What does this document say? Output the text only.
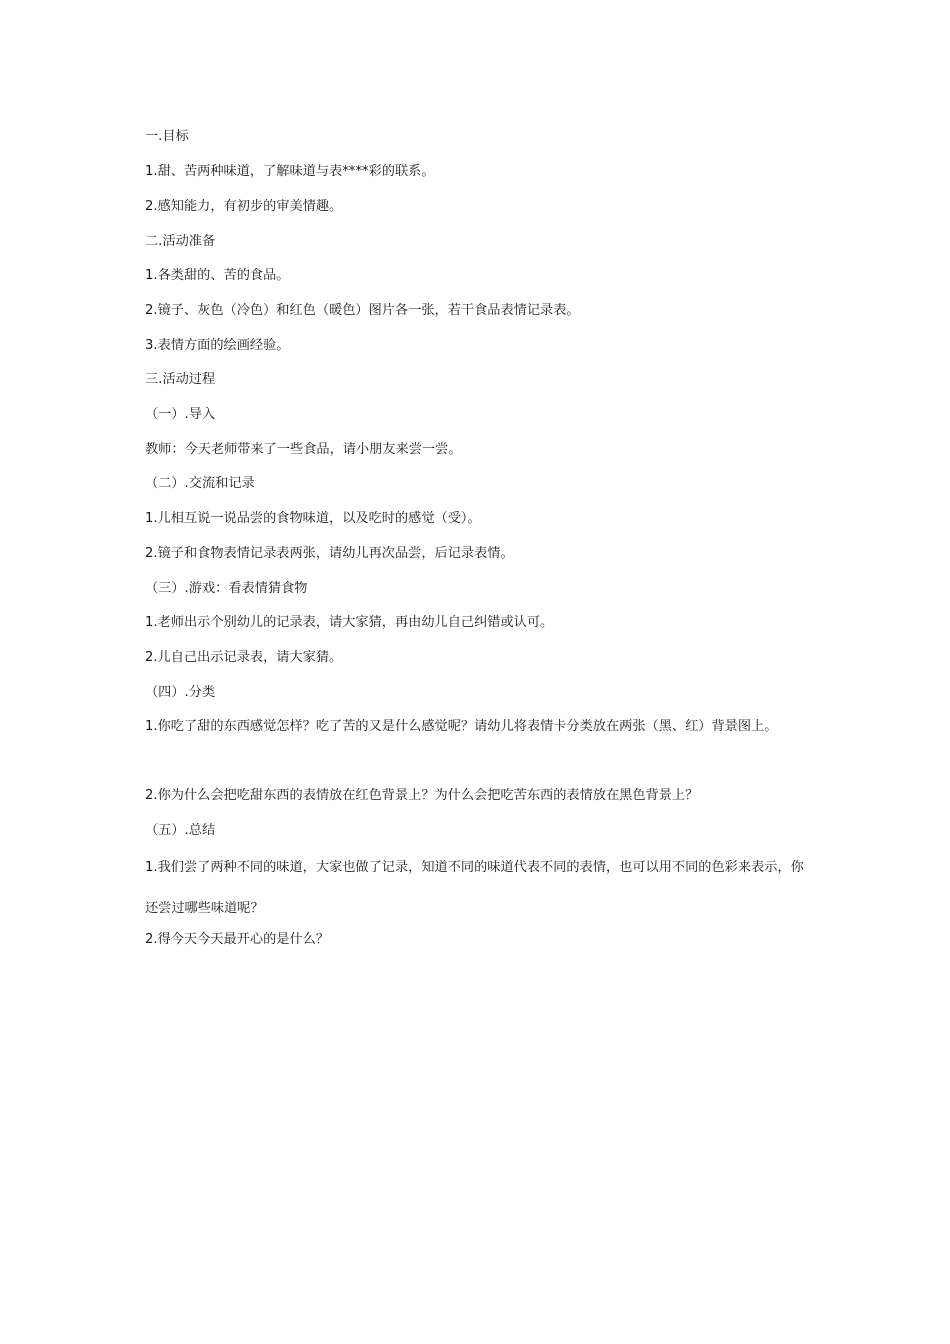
一.目标
1.甜、苦两种味道，了解味道与表****彩的联系。
2.感知能力，有初步的审美情趣。
二.活动准备
1.各类甜的、苦的食品。
2.镜子、灰色（冷色）和红色（暖色）图片各一张，若干食品表情记录表。
3.表情方面的绘画经验。
三.活动过程
（一）.导入
教师：今天老师带来了一些食品，请小朋友来尝一尝。
（二）.交流和记录
1.儿相互说一说品尝的食物味道，以及吃时的感觉（受）。
2.镜子和食物表情记录表两张，请幼儿再次品尝，后记录表情。
（三）.游戏：看表情猜食物
1.老师出示个别幼儿的记录表，请大家猜，再由幼儿自己纠错或认可。
2.儿自己出示记录表，请大家猜。
（四）.分类
1.你吃了甜的东西感觉怎样？吃了苦的又是什么感觉呢？请幼儿将表情卡分类放在两张（黑、红）背景图上。
2.你为什么会把吃甜东西的表情放在红色背景上？为什么会把吃苦东西的表情放在黑色背景上？
（五）.总结
1.我们尝了两种不同的味道，大家也做了记录，知道不同的味道代表不同的表情，也可以用不同的色彩来表示，你还尝过哪些味道呢？
2.得今天今天最开心的是什么？
